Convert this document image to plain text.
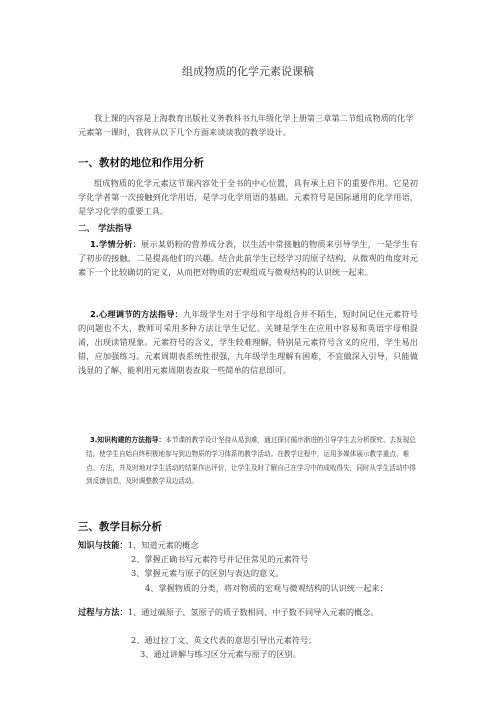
组成物质的化学元素说课稿
我上课的内容是上海教育出版社义务教科书九年级化学上册第三章第二节组成物质的化学元素第一课时，我将从以下几个方面来谈谈我的教学设计。
一、教材的地位和作用分析
组成物质的化学元素这节课内容处于全书的中心位置，具有承上启下的重要作用。它是初学化学者第一次接触到化学用语，是学习化学用语的基础。元素符号是国际通用的化学用语，是学习化学的重要工具。
二、 学法指导
1.学情分析：展示某奶粉的营养成分表，以生活中常接触的物质来引导学生，一是学生有了初步的接触，二是提高他们的兴趣。结合此前学生已经学习的原子结构，从微观的角度对元素下一个比较确切的定义，从而把对物质的宏观组成与微观结构的认识统一起来。
2.心理调节的方法指导：九年级学生对于字母和字母组合并不陌生，短时间记住元素符号的问题也不大，教师可采用多种方法让学生记忆。关键是学生在应用中容易和英语字母相混淆，出现读错现象。元素符号的含义，学生较难理解，特别是元素符号含义的应用，学生易出错，应加强练习。元素周期表系统性很强，九年级学生理解有困难，不宜做深入引导，只能做浅显的了解，能利用元素周期表查取一些简单的信息即可。
3.知识构建的方法指导：本节课的教学设计坚持从易到难，通过探讨循序渐进的引导学生去分析探究、去发现总结。使学生自始自终积极地参与到边物质的学习体系的教学活动。在教学过程中，运用多媒体展示教学重点、难点、方法，并及时地对学生活动的结果作出评价，让学生及时了解自己在学习中的成败得失，同时从学生活动中得到反馈信息，及时调整教学双边活动。
三、教学目标分析
知识与技能：1、知道元素的概念
2、掌握正确书写元素符号并记住常见的元素符号
3、掌握元素与原子的区别与表达的意义。
4、掌握物质的分类，将对物质的宏观与微观结构的认识统一起来；
过程与方法：1、通过碳原子、氢原子的质子数相同、中子数不同导入元素的概念。
2、通过拉丁文、英文代表的意思引导出元素符号；
3、通过讲解与练习区分元素与原子的区别。
